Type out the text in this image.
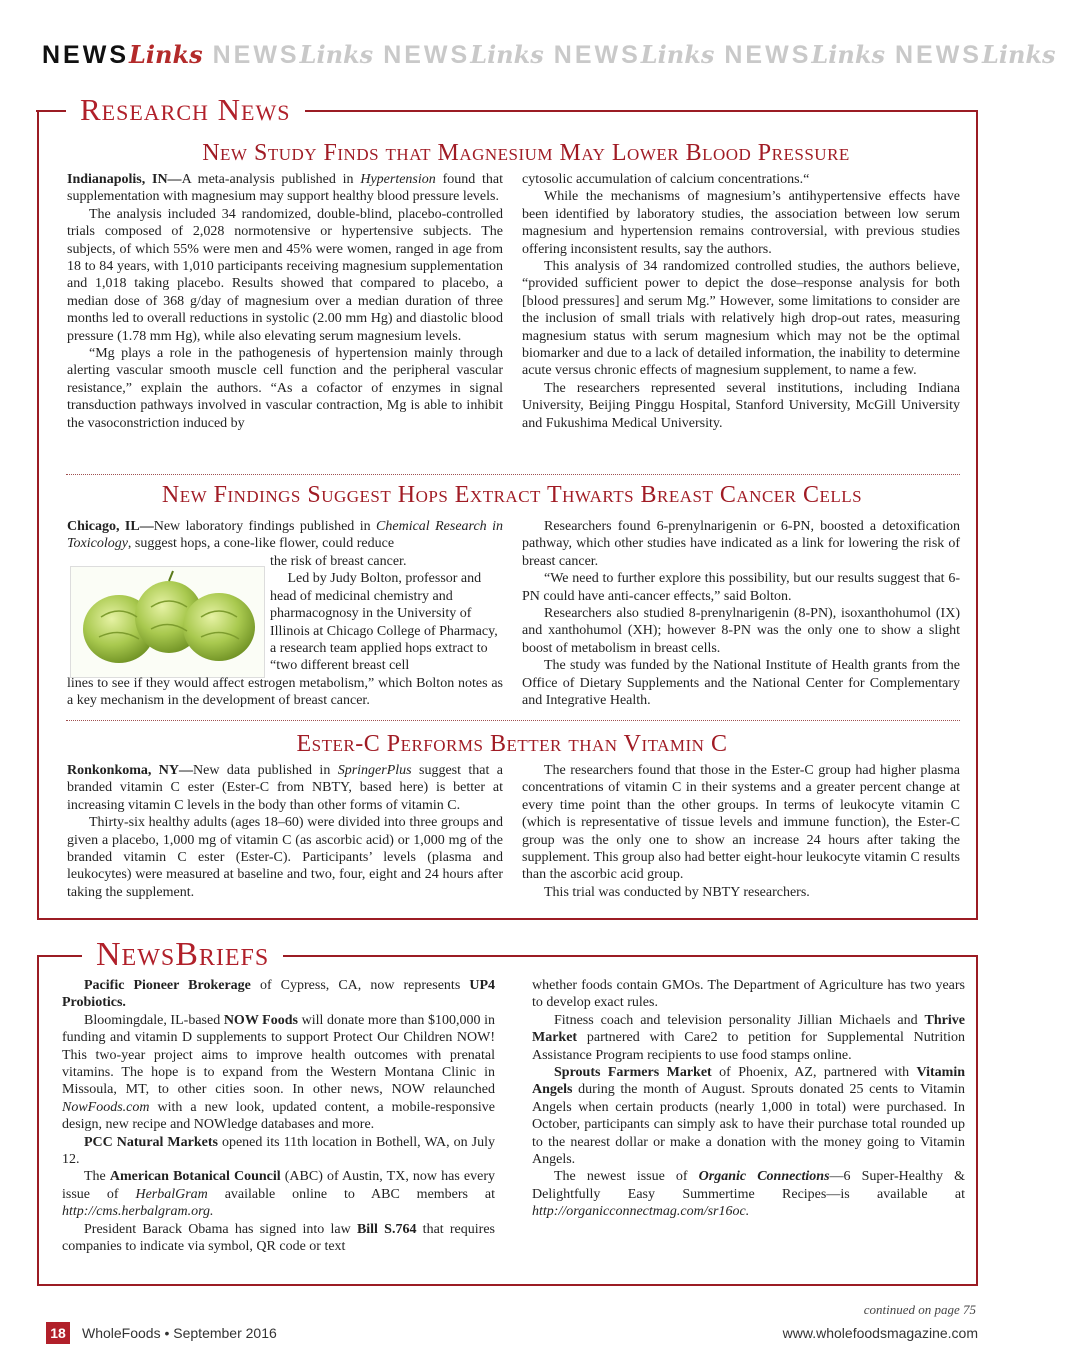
NEWSLinks NEWSLinks NEWSLinks NEWSLinks NEWSLinks NEWSLinks
Research News
New Study Finds that Magnesium May Lower Blood Pressure

Indianapolis, IN—A meta-analysis published in Hypertension found that supplementation with magnesium may support healthy blood pressure levels.

The analysis included 34 randomized, double-blind, placebo-controlled trials composed of 2,028 normotensive or hypertensive subjects. The subjects, of which 55% were men and 45% were women, ranged in age from 18 to 84 years, with 1,010 participants receiving magnesium supplementation and 1,018 taking placebo. Results showed that compared to placebo, a median dose of 368 g/day of magnesium over a median duration of three months led to overall reductions in systolic (2.00 mm Hg) and diastolic blood pressure (1.78 mm Hg), while also elevating serum magnesium levels.

“Mg plays a role in the pathogenesis of hypertension mainly through alerting vascular smooth muscle cell function and the peripheral vascular resistance,” explain the authors. “As a cofactor of enzymes in signal transduction pathways involved in vascular contraction, Mg is able to inhibit the vasoconstriction induced by

cytosolic accumulation of calcium concentrations.“

While the mechanisms of magnesium’s antihypertensive effects have been identified by laboratory studies, the association between low serum magnesium and hypertension remains controversial, with previous studies offering inconsistent results, say the authors.

This analysis of 34 randomized controlled studies, the authors believe, “provided sufficient power to depict the dose–response analysis for both [blood pressures] and serum Mg.” However, some limitations to consider are the inclusion of small trials with relatively high drop-out rates, measuring magnesium status with serum magnesium which may not be the optimal biomarker and due to a lack of detailed information, the inability to determine acute versus chronic effects of magnesium supplement, to name a few.

The researchers represented several institutions, including Indiana University, Beijing Pinggu Hospital, Stanford University, McGill University and Fukushima Medical University.

New Findings Suggest Hops Extract Thwarts Breast Cancer Cells

Chicago, IL—New laboratory findings published in Chemical Research in Toxicology, suggest hops, a cone-like flower, could reduce

the risk of breast cancer.
Led by Judy Bolton, professor and head of medicinal chemistry and pharmacognosy in the University of Illinois at Chicago College of Pharmacy, a research team applied hops extract to “two different breast cell

lines to see if they would affect estrogen metabolism,” which Bolton notes as a key mechanism in the development of breast cancer.

Researchers found 6-prenylnarigenin or 6-PN, boosted a detoxification pathway, which other studies have indicated as a link for lowering the risk of breast cancer.

“We need to further explore this possibility, but our results suggest that 6-PN could have anti-cancer effects,” said Bolton.

Researchers also studied 8-prenylnarigenin (8-PN), isoxanthohumol (IX) and xanthohumol (XH); however 8-PN was the only one to show a slight boost of metabolism in breast cells.

The study was funded by the National Institute of Health grants from the Office of Dietary Supplements and the National Center for Complementary and Integrative Health.

Ester-C Performs Better than Vitamin C

Ronkonkoma, NY—New data published in SpringerPlus suggest that a branded vitamin C ester (Ester-C from NBTY, based here) is better at increasing vitamin C levels in the body than other forms of vitamin C.

Thirty-six healthy adults (ages 18–60) were divided into three groups and given a placebo, 1,000 mg of vitamin C (as ascorbic acid) or 1,000 mg of the branded vitamin C ester (Ester-C). Participants’ levels (plasma and leukocytes) were measured at baseline and two, four, eight and 24 hours after taking the supplement.

The researchers found that those in the Ester-C group had higher plasma concentrations of vitamin C in their systems and a greater percent change at every time point than the other groups. In terms of leukocyte vitamin C (which is representative of tissue levels and immune function), the Ester-C group was the only one to show an increase 24 hours after taking the supplement. This group also had better eight-hour leukocyte vitamin C results than the ascorbic acid group.

This trial was conducted by NBTY researchers.

NewsBriefs

Pacific Pioneer Brokerage of Cypress, CA, now represents UP4 Probiotics.

Bloomingdale, IL-based NOW Foods will donate more than $100,000 in funding and vitamin D supplements to support Protect Our Children NOW! This two-year project aims to improve health outcomes with prenatal vitamins. The hope is to expand from the Western Montana Clinic in Missoula, MT, to other cities soon. In other news, NOW relaunched NowFoods.com with a new look, updated content, a mobile-responsive design, new recipe and NOWledge databases and more.

PCC Natural Markets opened its 11th location in Bothell, WA, on July 12.

The American Botanical Council (ABC) of Austin, TX, now has every issue of HerbalGram available online to ABC members at http://cms.herbalgram.org.

President Barack Obama has signed into law Bill S.764 that requires companies to indicate via symbol, QR code or text

whether foods contain GMOs. The Department of Agriculture has two years to develop exact rules.

Fitness coach and television personality Jillian Michaels and Thrive Market partnered with Care2 to petition for Supplemental Nutrition Assistance Program recipients to use food stamps online.

Sprouts Farmers Market of Phoenix, AZ, partnered with Vitamin Angels during the month of August. Sprouts donated 25 cents to Vitamin Angels when certain products (nearly 1,000 in total) were purchased. In October, participants can simply ask to have their purchase total rounded up to the nearest dollar or make a donation with the money going to Vitamin Angels.

The newest issue of Organic Connections—6 Super-Healthy & Delightfully Easy Summertime Recipes—is available at http://organicconnectmag.com/sr16oc.

continued on page 75
18	WholeFoods • September 2016	www.wholefoodsmagazine.com
